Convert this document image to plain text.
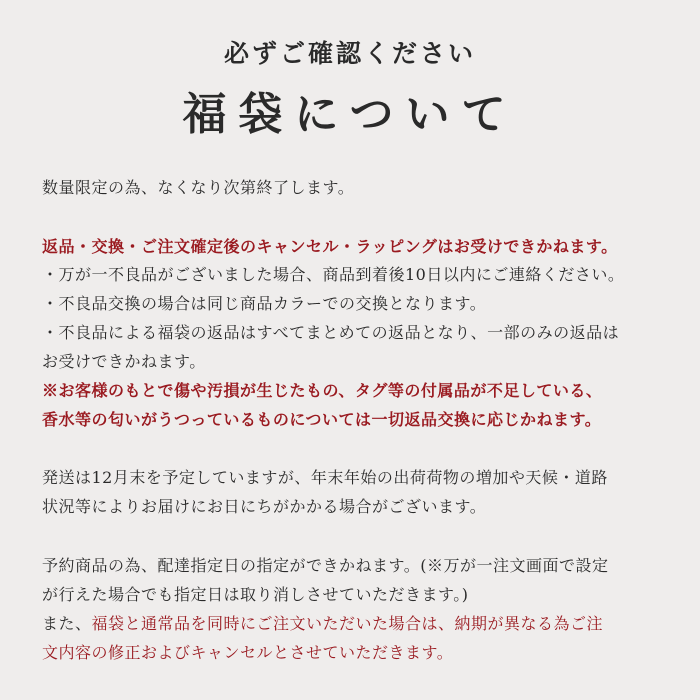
必ずご確認ください
福袋について
数量限定の為、なくなり次第終了します。
返品・交換・ご注文確定後のキャンセル・ラッピングはお受けできかねます。
・万が一不良品がございました場合、商品到着後10日以内にご連絡ください。
・不良品交換の場合は同じ商品カラーでの交換となります。
・不良品による福袋の返品はすべてまとめての返品となり、一部のみの返品は
お受けできかねます。
※お客様のもとで傷や汚損が生じたもの、タグ等の付属品が不足している、
香水等の匂いがうつっているものについては一切返品交換に応じかねます。
発送は12月末を予定していますが、年末年始の出荷荷物の増加や天候・道路
状況等によりお届けにお日にちがかかる場合がございます。
予約商品の為、配達指定日の指定ができかねます。(※万が一注文画面で設定
が行えた場合でも指定日は取り消しさせていただきます。)
また、福袋と通常品を同時にご注文いただいた場合は、納期が異なる為ご注
文内容の修正およびキャンセルとさせていただきます。
